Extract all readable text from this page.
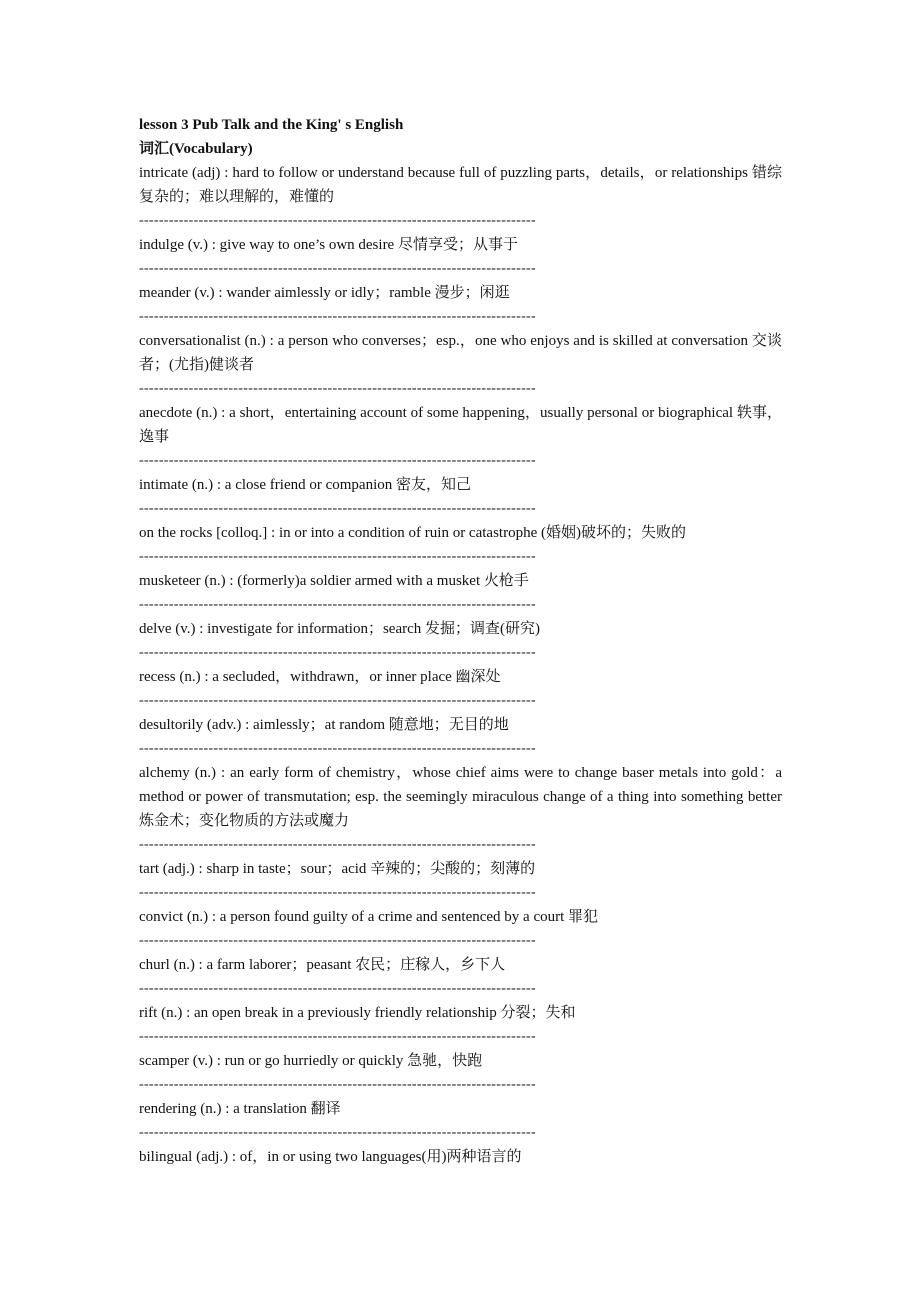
lesson 3 Pub Talk and the King' s English

词汇(Vocabulary)

intricate (adj) : hard to follow or understand because full of puzzling parts，details，or relationships 错综复杂的；难以理解的，难懂的

--------------------------------------------------------------------------------

indulge (v.) : give way to one’s own desire 尽情享受；从事于

--------------------------------------------------------------------------------

meander (v.) : wander aimlessly or idly；ramble 漫步；闲逛

--------------------------------------------------------------------------------

conversationalist (n.) : a person who converses；esp.，one who enjoys and is skilled at conversation 交谈者；(尤指)健谈者

--------------------------------------------------------------------------------

anecdote (n.) : a short，entertaining account of some happening，usually personal or biographical 轶事，逸事

--------------------------------------------------------------------------------

intimate (n.) : a close friend or companion 密友，知己

--------------------------------------------------------------------------------

on the rocks [colloq.] : in or into a condition of ruin or catastrophe (婚姻)破坏的；失败的

--------------------------------------------------------------------------------

musketeer (n.) : (formerly)a soldier armed with a musket 火枪手

--------------------------------------------------------------------------------

delve (v.) : investigate for information；search 发掘；调查(研究)

--------------------------------------------------------------------------------

recess (n.) : a secluded，withdrawn，or inner place 幽深处

--------------------------------------------------------------------------------

desultorily (adv.) : aimlessly；at random 随意地；无目的地

--------------------------------------------------------------------------------

alchemy (n.) : an early form of chemistry，whose chief aims were to change baser metals into gold：a method or power of transmutation; esp. the seemingly miraculous change of a thing into something better 炼金术；变化物质的方法或魔力

--------------------------------------------------------------------------------

tart (adj.) : sharp in taste；sour；acid 辛辣的；尖酸的；刻薄的

--------------------------------------------------------------------------------

convict (n.) : a person found guilty of a crime and sentenced by a court 罪犯

--------------------------------------------------------------------------------

churl (n.) : a farm laborer；peasant 农民；庄稼人，乡下人

--------------------------------------------------------------------------------

rift (n.) : an open break in a previously friendly relationship 分裂；失和

--------------------------------------------------------------------------------

scamper (v.) : run or go hurriedly or quickly 急驰，快跑

--------------------------------------------------------------------------------

rendering (n.) : a translation 翻译

--------------------------------------------------------------------------------

bilingual (adj.) : of，in or using two languages(用)两种语言的
